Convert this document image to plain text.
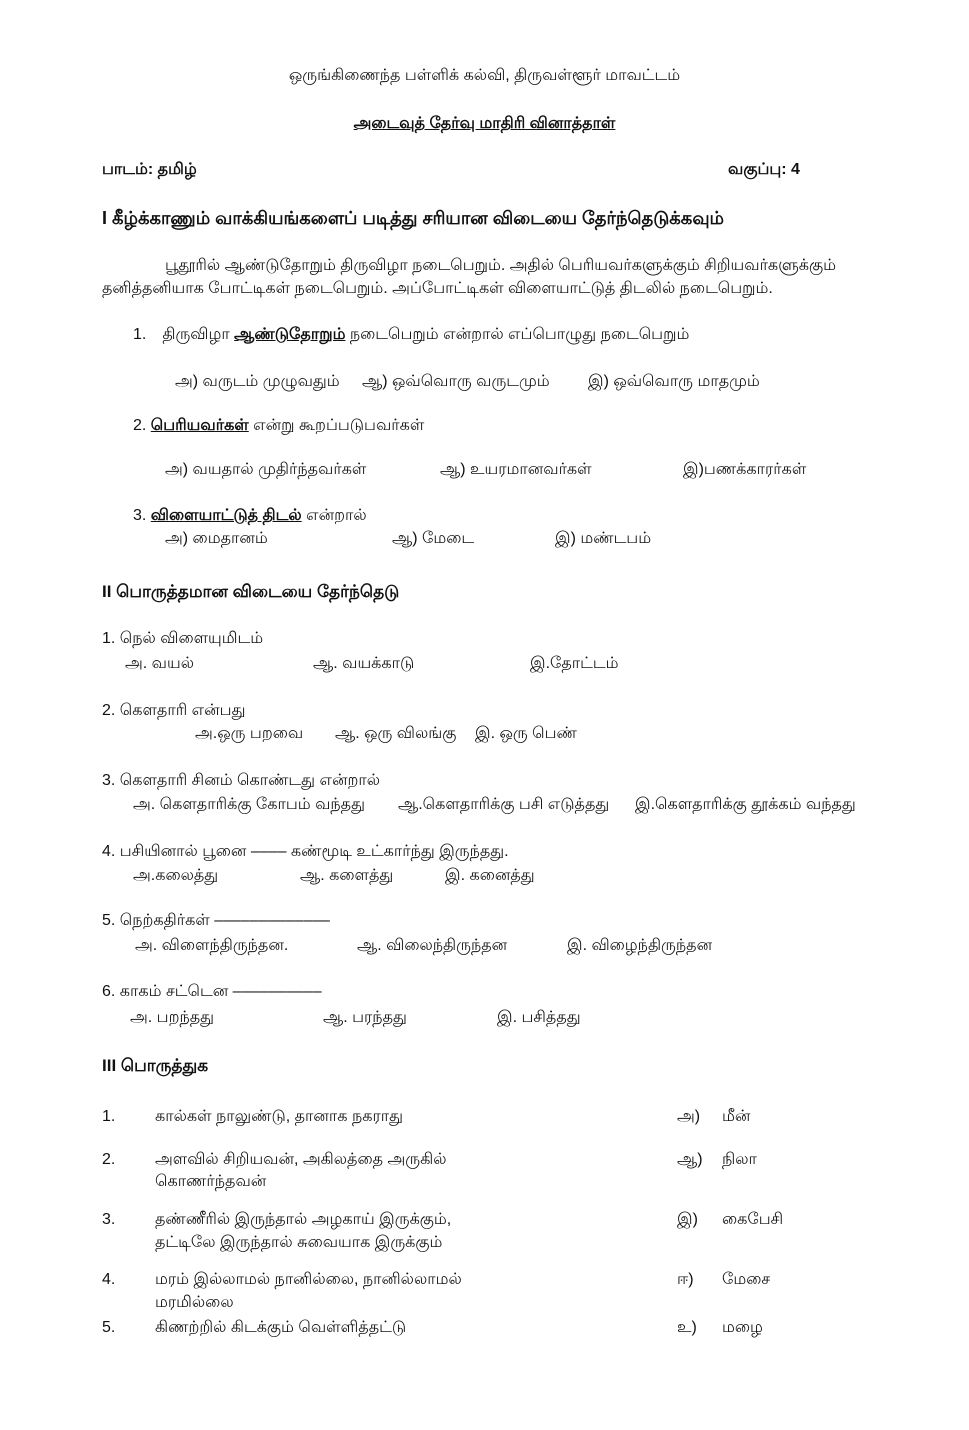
ஒருங்கிணைந்த பள்ளிக் கல்வி, திருவள்ளூர் மாவட்டம்
அடைவுத் தேர்வு மாதிரி வினாத்தாள்
பாடம்: தமிழ்	வகுப்பு: 4
I கீழ்க்காணும் வாக்கியங்களைப் படித்து சரியான விடையை தேர்ந்தெடுக்கவும்
பூதூரில் ஆண்டுதோறும் திருவிழா நடைபெறும். அதில் பெரியவர்களுக்கும் சிறியவர்களுக்கும்
தனித்தனியாக போட்டிகள் நடைபெறும். அப்போட்டிகள் விளையாட்டுத் திடலில் நடைபெறும்.
1. திருவிழா ஆண்டுதோறும் நடைபெறும் என்றால் எப்பொழுது நடைபெறும்
அ) வருடம் முழுவதும் ஆ) ஒவ்வொரு வருடமும் இ) ஒவ்வொரு மாதமும்
2. பெரியவர்கள் என்று கூறப்படுபவர்கள்
அ) வயதால் முதிர்ந்தவர்கள்	ஆ) உயரமானவர்கள்	இ)பணக்காரர்கள்
3. விளையாட்டுத் திடல் என்றால்
அ) மைதானம்	ஆ) மேடை	இ) மண்டபம்
II பொருத்தமான விடையை தேர்ந்தெடு
1. நெல் விளையுமிடம்
அ. வயல்	ஆ. வயக்காடு	இ.தோட்டம்
2. கௌதாரி என்பது
அ.ஒரு பறவை ஆ. ஒரு விலங்கு இ. ஒரு பெண்
3. கௌதாரி சினம் கொண்டது என்றால்
அ. கௌதாரிக்கு கோபம் வந்தது ஆ.கௌதாரிக்கு பசி எடுத்தது இ.கௌதாரிக்கு தூக்கம் வந்தது
4. பசியினால் பூனை –––– கண்மூடி உட்கார்ந்து இருந்தது.
அ.கலைத்து	ஆ. களைத்து	இ. கனைத்து
5. நெற்கதிர்கள் –––––––––––––
அ. விளைந்திருந்தன.	ஆ. விலைந்திருந்தன	இ. விழைந்திருந்தன
6. காகம் சட்டென ––––––––––
அ. பறந்தது	ஆ. பரந்தது	இ. பசித்தது
III பொருத்துக
1. கால்கள் நாலுண்டு, தானாக நகராது	அ) மீன்
2. அளவில் சிறியவன், அகிலத்தை அருகில்
கொணர்ந்தவன்
ஆ) நிலா
3. தண்ணீரில் இருந்தால் அழகாய் இருக்கும்,
தட்டிலே இருந்தால் சுவையாக இருக்கும்
இ) கைபேசி
4. மரம் இல்லாமல் நானில்லை, நானில்லாமல்
மரமில்லை
ஈ) மேசை
5. கிணற்றில் கிடக்கும் வெள்ளித்தட்டு	உ) மழை
